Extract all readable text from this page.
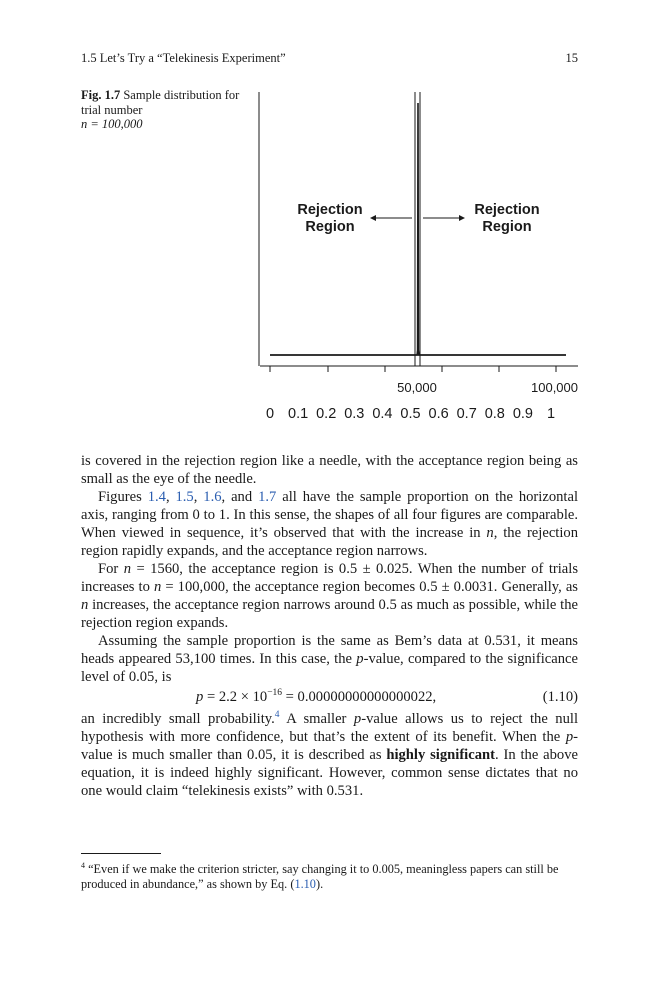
1.5 Let’s Try a “Telekinesis Experiment”	15
Fig. 1.7 Sample distribution for trial number
n = 100,000
Rejection
Region
Rejection
Region
50,000	100,000
0 0.1 0.2 0.3 0.4 0.5 0.6 0.7 0.8 0.9 1

is covered in the rejection region like a needle, with the acceptance region being as small as the eye of the needle.

Figures 1.4, 1.5, 1.6, and 1.7 all have the sample proportion on the horizontal axis, ranging from 0 to 1. In this sense, the shapes of all four figures are comparable. When viewed in sequence, it’s observed that with the increase in n, the rejection region rapidly expands, and the acceptance region narrows.

For n = 1560, the acceptance region is 0.5 ± 0.025. When the number of trials increases to n = 100,000, the acceptance region becomes 0.5 ± 0.0031. Generally, as n increases, the acceptance region narrows around 0.5 as much as possible, while the rejection region expands.

Assuming the sample proportion is the same as Bem’s data at 0.531, it means heads appeared 53,100 times. In this case, the p-value, compared to the significance level of 0.05, is

$p = 2.2 \times 10^{-16} = 0.00000000000000022$,	(1.10)

an incredibly small probability.$^4$ A smaller p-value allows us to reject the null hypothesis with more confidence, but that’s the extent of its benefit. When the p-value is much smaller than 0.05, it is described as highly significant. In the above equation, it is indeed highly significant. However, common sense dictates that no one would claim “telekinesis exists” with 0.531.

$^4$ “Even if we make the criterion stricter, say changing it to 0.005, meaningless papers can still be produced in abundance,” as shown by Eq. (1.10).
